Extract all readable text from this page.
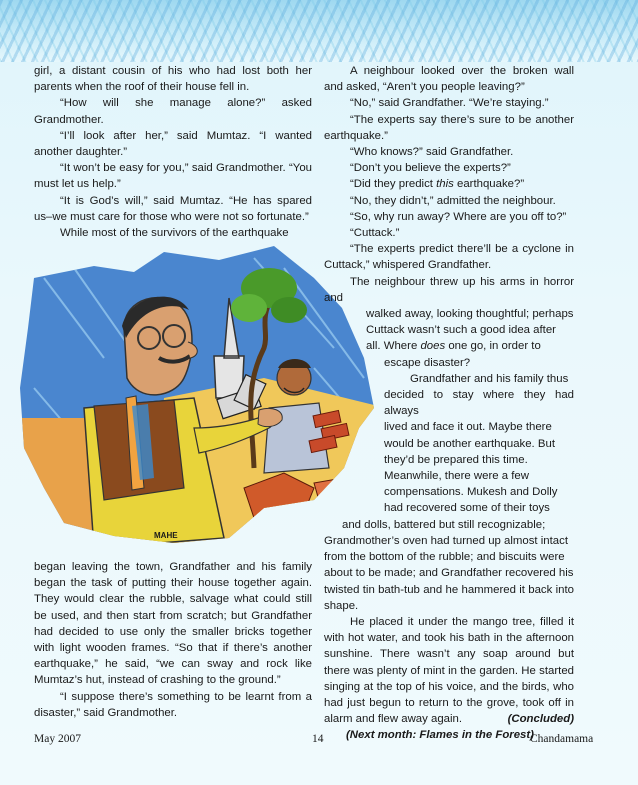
girl, a distant cousin of his who had lost both her parents when the roof of their house fell in.

“How will she manage alone?” asked Grandmother.

“I’ll look after her,” said Mumtaz. “I wanted another daughter.”

“It won’t be easy for you,” said Grandmother. “You must let us help.”

“It is God’s will,” said Mumtaz. “He has spared us–we must care for those who were not so fortunate.”

While most of the survivors of the earthquake

MAHE

began leaving the town, Grandfather and his family began the task of putting their house together again. They would clear the rubble, salvage what could still be used, and then start from scratch; but Grandfather had decided to use only the smaller bricks together with light wooden frames. “So that if there’s another earthquake,” he said, “we can sway and rock like Mumtaz’s hut, instead of crashing to the ground.”

“I suppose there’s something to be learnt from a disaster,” said Grandmother.

A neighbour looked over the broken wall and asked, “Aren’t you people leaving?”

“No,” said Grandfather. “We’re staying.”

“The experts say there’s sure to be another earthquake.”

“Who knows?” said Grandfather.

“Don’t you believe the experts?”

“Did they predict this earthquake?”

“No, they didn’t,” admitted the neighbour.

“So, why run away? Where are you off to?”

“Cuttack.”

“The experts predict there’ll be a cyclone in Cuttack,” whispered Grandfather.

The neighbour threw up his arms in horror and

walked away, looking thoughtful; perhaps

Cuttack wasn’t such a good idea after

all. Where does one go, in order to

escape disaster?

Grandfather and his family thus

decided to stay where they had always

lived and face it out. Maybe there

would be another earthquake. But

they’d be prepared this time.

Meanwhile, there were a few

compensations. Mukesh and Dolly

had recovered some of their toys

and dolls, battered but still recognizable;

Grandmother’s oven had turned up almost intact

from the bottom of the rubble; and biscuits were

about to be made; and Grandfather recovered his

twisted tin bath-tub and he hammered it back into shape.

He placed it under the mango tree, filled it with hot water, and took his bath in the afternoon sunshine. There wasn’t any soap around but there was plenty of mint in the garden. He started singing at the top of his voice, and the birds, who had just begun to return to the grove, took off in alarm and flew away again.	(Concluded)

(Next month: Flames in the Forest)

May 2007	14	Chandamama
